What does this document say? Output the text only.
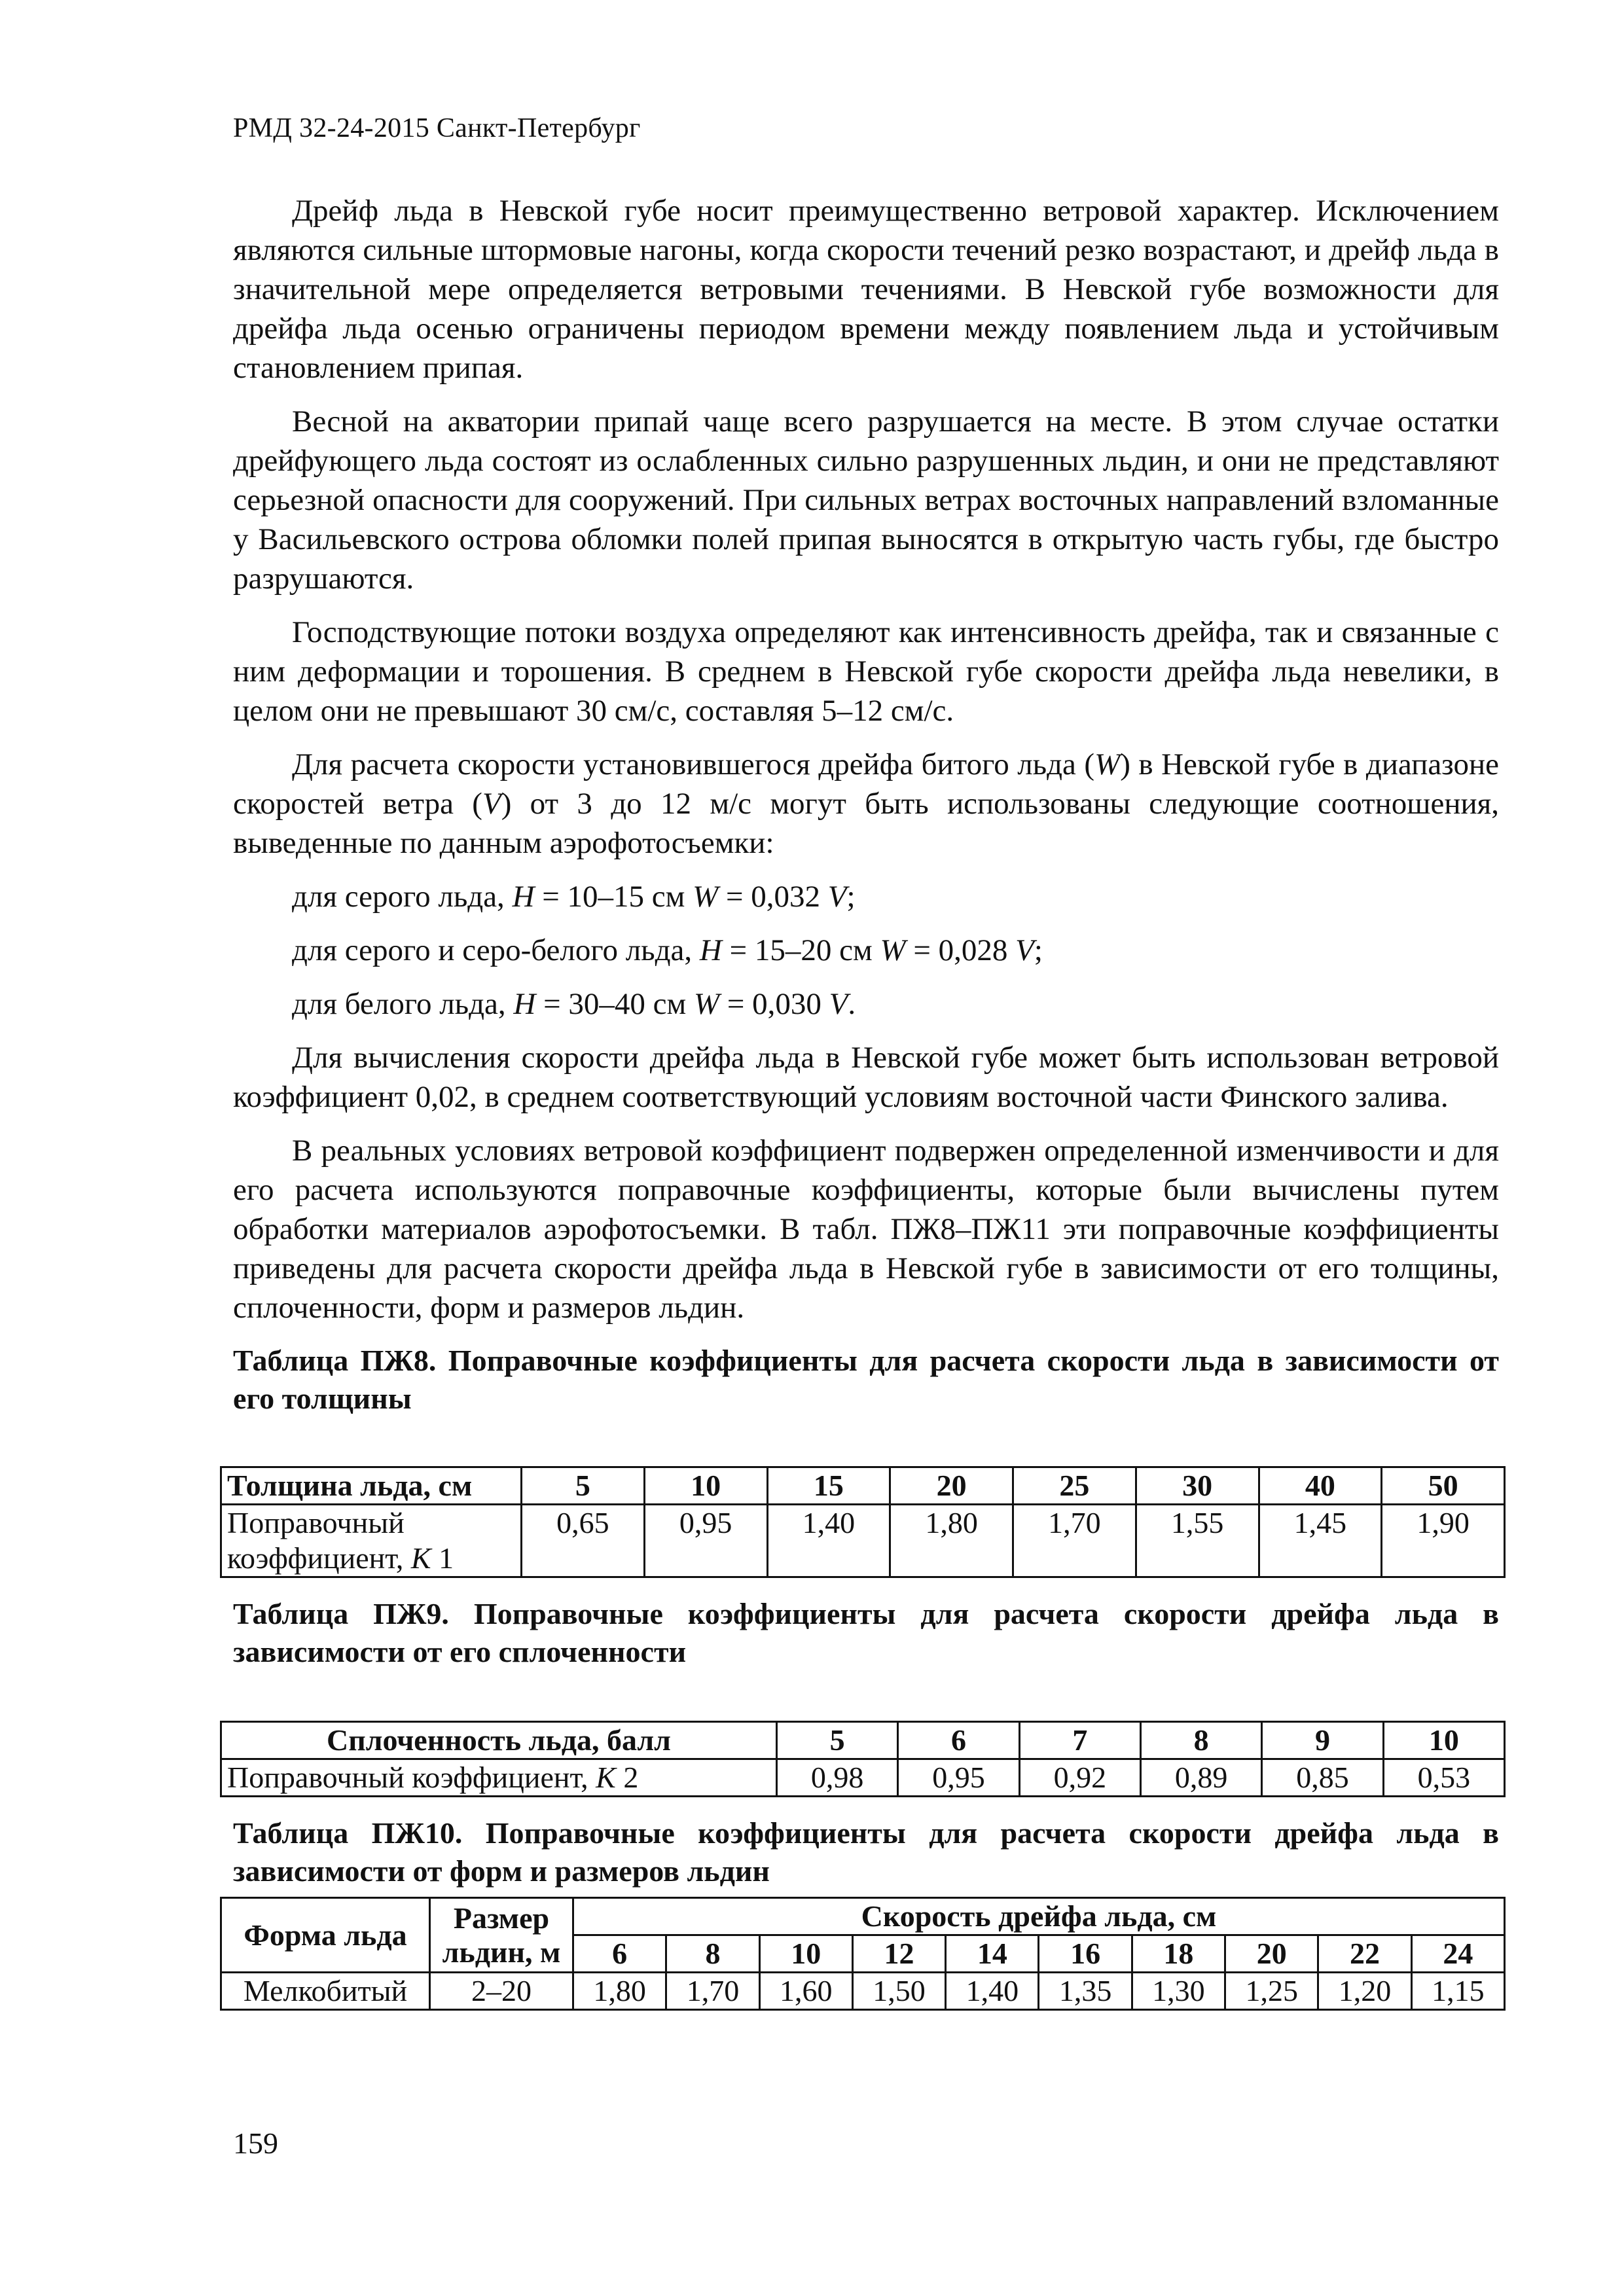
РМД 32-24-2015 Санкт-Петербург

Дрейф льда в Невской губе носит преимущественно ветровой характер. Исключением являются сильные штормовые нагоны, когда скорости течений резко возрастают, и дрейф льда в значительной мере определяется ветровыми течениями. В Невской губе возможности для дрейфа льда осенью ограничены периодом времени между появлением льда и устойчивым становлением припая.

Весной на акватории припай чаще всего разрушается на месте. В этом случае остатки дрейфующего льда состоят из ослабленных сильно разрушенных льдин, и они не представляют серьезной опасности для сооружений. При сильных ветрах восточных направлений взломанные у Васильевского острова обломки полей припая выносятся в открытую часть губы, где быстро разрушаются.

Господствующие потоки воздуха определяют как интенсивность дрейфа, так и связанные с ним деформации и торошения. В среднем в Невской губе скорости дрейфа льда невелики, в целом они не превышают 30 см/с, составляя 5–12 см/с.

Для расчета скорости установившегося дрейфа битого льда (W) в Невской губе в диапазоне скоростей ветра (V) от 3 до 12 м/с могут быть использованы следующие соотношения, выведенные по данным аэрофотосъемки:

для серого льда, H = 10–15 см W = 0,032 V;

для серого и серо-белого льда, H = 15–20 см W = 0,028 V;

для белого льда, H = 30–40 см W = 0,030 V.

Для вычисления скорости дрейфа льда в Невской губе может быть использован ветровой коэффициент 0,02, в среднем соответствующий условиям восточной части Финского залива.

В реальных условиях ветровой коэффициент подвержен определенной изменчивости и для его расчета используются поправочные коэффициенты, которые были вычислены путем обработки материалов аэрофотосъемки. В табл. ПЖ8–ПЖ11 эти поправочные коэффициенты приведены для расчета скорости дрейфа льда в Невской губе в зависимости от его толщины, сплоченности, форм и размеров льдин.

Таблица ПЖ8. Поправочные коэффициенты для расчета скорости льда в зависимости от его толщины

Толщина льда, см	5	10	15	20	25	30	40	50
Поправочный коэффициент, K 1	0,65	0,95	1,40	1,80	1,70	1,55	1,45	1,90

Таблица ПЖ9. Поправочные коэффициенты для расчета скорости дрейфа льда в зависимости от его сплоченности

Сплоченность льда, балл	5	6	7	8	9	10
Поправочный коэффициент, K 2	0,98	0,95	0,92	0,89	0,85	0,53

Таблица ПЖ10. Поправочные коэффициенты для расчета скорости дрейфа льда в зависимости от форм и размеров льдин

Форма льда	Размер льдин, м	Скорость дрейфа льда, см									
		6	8	10	12	14	16	18	20	22	24
Мелкобитый	2–20	1,80	1,70	1,60	1,50	1,40	1,35	1,30	1,25	1,20	1,15
159
